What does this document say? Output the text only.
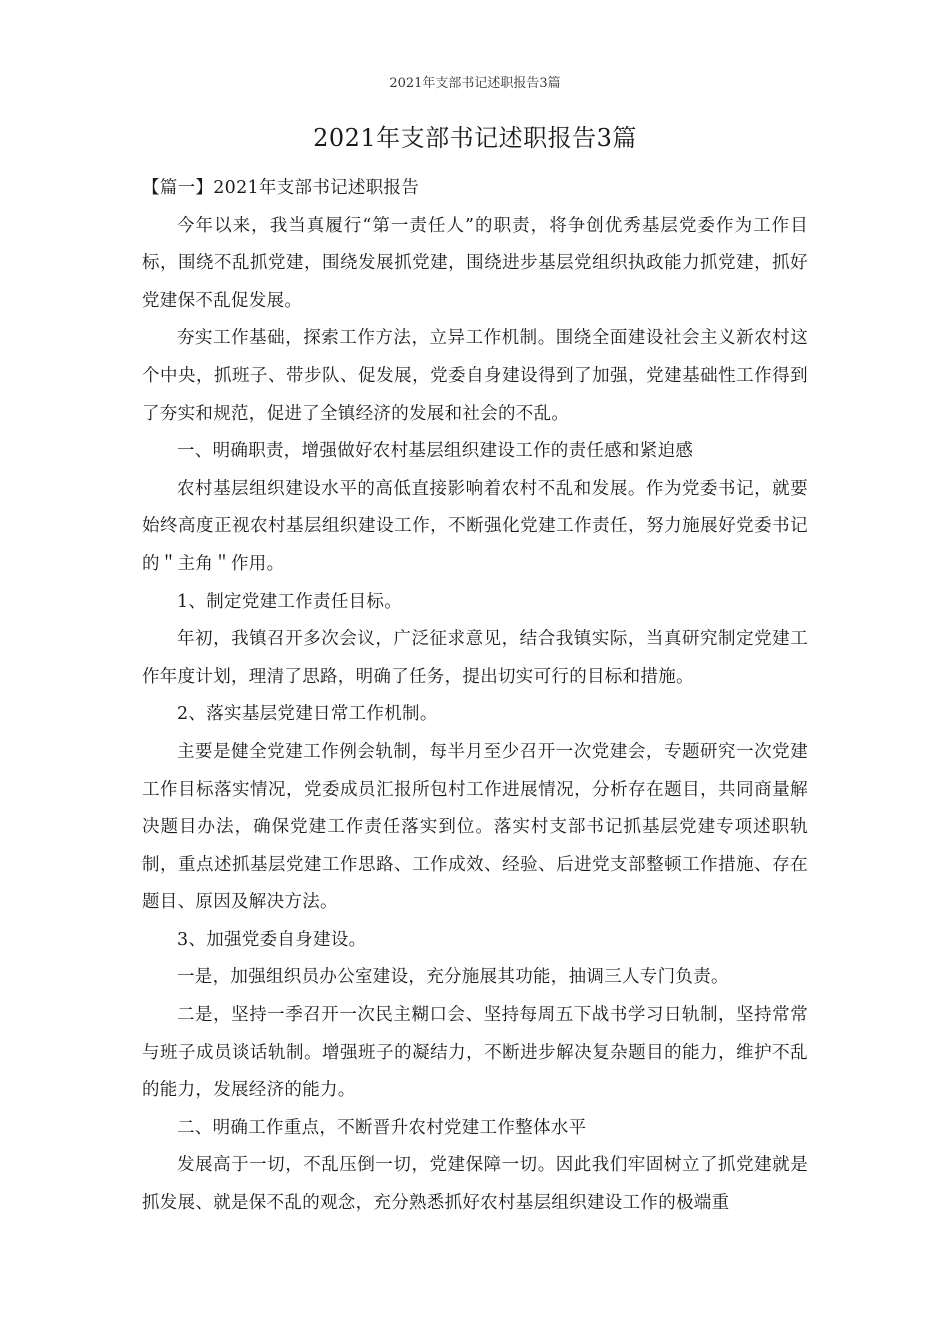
2021年支部书记述职报告3篇
2021年支部书记述职报告3篇

【篇一】2021年支部书记述职报告

今年以来，我当真履行“第一责任人”的职责，将争创优秀基层党委作为工作目标，围绕不乱抓党建，围绕发展抓党建，围绕进步基层党组织执政能力抓党建，抓好党建保不乱促发展。

夯实工作基础，探索工作方法，立异工作机制。围绕全面建设社会主义新农村这个中央，抓班子、带步队、促发展，党委自身建设得到了加强，党建基础性工作得到了夯实和规范，促进了全镇经济的发展和社会的不乱。

一、明确职责，增强做好农村基层组织建设工作的责任感和紧迫感

农村基层组织建设水平的高低直接影响着农村不乱和发展。作为党委书记，就要始终高度正视农村基层组织建设工作，不断强化党建工作责任，努力施展好党委书记的＂主角＂作用。

1、制定党建工作责任目标。

年初，我镇召开多次会议，广泛征求意见，结合我镇实际，当真研究制定党建工作年度计划，理清了思路，明确了任务，提出切实可行的目标和措施。

2、落实基层党建日常工作机制。

主要是健全党建工作例会轨制，每半月至少召开一次党建会，专题研究一次党建工作目标落实情况，党委成员汇报所包村工作进展情况，分析存在题目，共同商量解决题目办法，确保党建工作责任落实到位。落实村支部书记抓基层党建专项述职轨制，重点述抓基层党建工作思路、工作成效、经验、后进党支部整顿工作措施、存在题目、原因及解决方法。

3、加强党委自身建设。

一是，加强组织员办公室建设，充分施展其功能，抽调三人专门负责。

二是，坚持一季召开一次民主糊口会、坚持每周五下战书学习日轨制，坚持常常与班子成员谈话轨制。增强班子的凝结力，不断进步解决复杂题目的能力，维护不乱的能力，发展经济的能力。

二、明确工作重点，不断晋升农村党建工作整体水平

发展高于一切，不乱压倒一切，党建保障一切。因此我们牢固树立了抓党建就是抓发展、就是保不乱的观念，充分熟悉抓好农村基层组织建设工作的极端重
